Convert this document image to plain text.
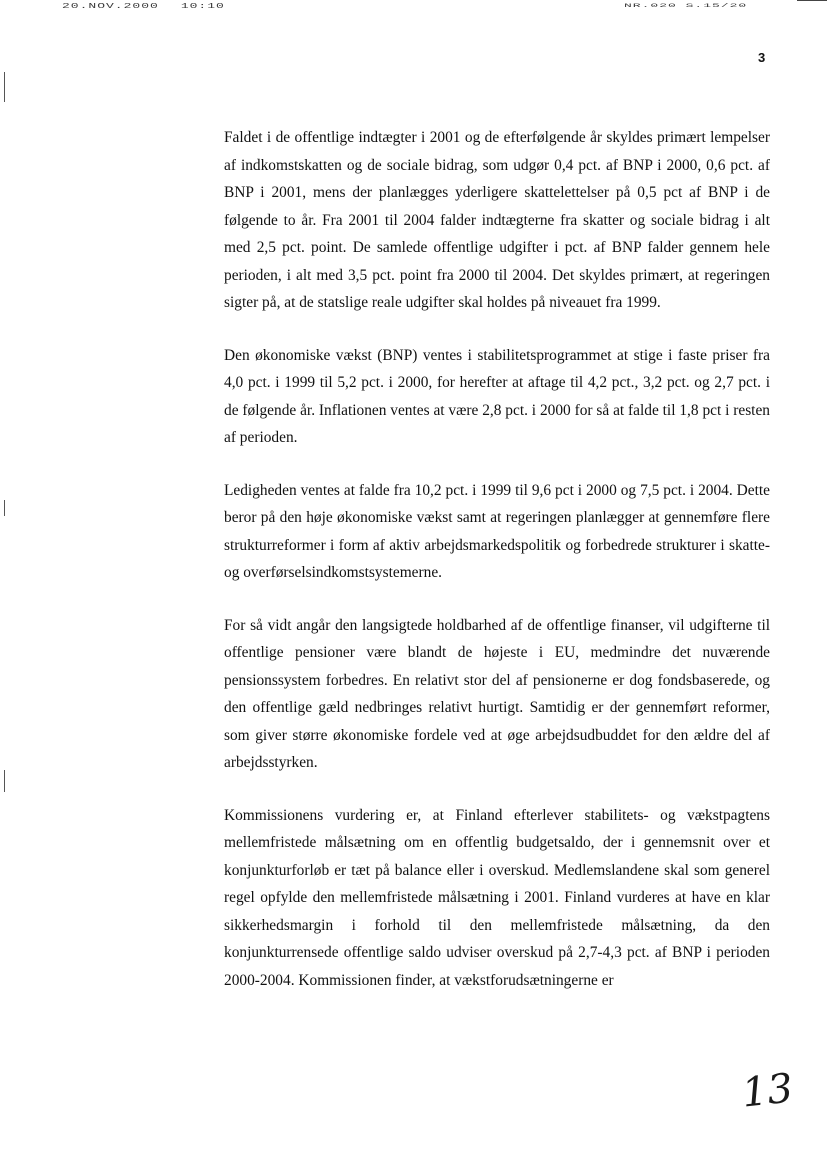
20.NOV.2000 10:10	NR.020 S.15/20
3

Faldet i de offentlige indtægter i 2001 og de efterfølgende år skyldes primært lempelser af indkomstskatten og de sociale bidrag, som udgør 0,4 pct. af BNP i 2000, 0,6 pct. af BNP i 2001, mens der planlægges yderligere skattelettelser på 0,5 pct af BNP i de følgende to år. Fra 2001 til 2004 falder indtægterne fra skatter og sociale bidrag i alt med 2,5 pct. point. De samlede offentlige udgifter i pct. af BNP falder gennem hele perioden, i alt med 3,5 pct. point fra 2000 til 2004. Det skyldes primært, at regeringen sigter på, at de statslige reale udgifter skal holdes på niveauet fra 1999.

Den økonomiske vækst (BNP) ventes i stabilitetsprogrammet at stige i faste priser fra 4,0 pct. i 1999 til 5,2 pct. i 2000, for herefter at aftage til 4,2 pct., 3,2 pct. og 2,7 pct. i de følgende år. Inflationen ventes at være 2,8 pct. i 2000 for så at falde til 1,8 pct i resten af perioden.

Ledigheden ventes at falde fra 10,2 pct. i 1999 til 9,6 pct i 2000 og 7,5 pct. i 2004. Dette beror på den høje økonomiske vækst samt at regeringen planlægger at gennemføre flere strukturreformer i form af aktiv arbejdsmarkedspolitik og forbedrede strukturer i skatte- og overførselsindkomstsystemerne.

For så vidt angår den langsigtede holdbarhed af de offentlige finanser, vil udgifterne til offentlige pensioner være blandt de højeste i EU, medmindre det nuværende pensionssystem forbedres. En relativt stor del af pensionerne er dog fondsbaserede, og den offentlige gæld nedbringes relativt hurtigt. Samtidig er der gennemført reformer, som giver større økonomiske fordele ved at øge arbejdsudbuddet for den ældre del af arbejdsstyrken.

Kommissionens vurdering er, at Finland efterlever stabilitets- og vækstpagtens mellemfristede målsætning om en offentlig budgetsaldo, der i gennemsnit over et konjunkturforløb er tæt på balance eller i overskud. Medlemslandene skal som generel regel opfylde den mellemfristede målsætning i 2001. Finland vurderes at have en klar sikkerhedsmargin i forhold til den mellemfristede målsætning, da den konjunkturrensede offentlige saldo udviser overskud på 2,7-4,3 pct. af BNP i perioden 2000-2004. Kommissionen finder, at vækstforudsætningerne er

13
